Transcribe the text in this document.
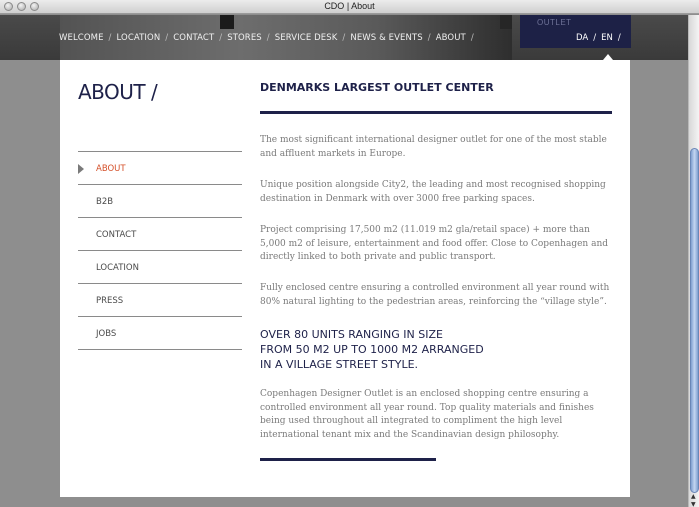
CDO | About
OUTLET
WELCOME / LOCATION / CONTACT / STORES / SERVICE DESK / NEWS & EVENTS / ABOUT /	DA / EN /
▲
▼
ABOUT /
ABOUT
B2B
CONTACT
LOCATION
PRESS
JOBS
DENMARKS LARGEST OUTLET CENTER

The most significant international designer outlet for one of the most stable and affluent markets in Europe.

Unique position alongside City2, the leading and most recognised shopping destination in Denmark with over 3000 free parking spaces.

Project comprising 17,500 m2 (11.019 m2 gla/retail space) + more than 5,000 m2 of leisure, entertainment and food offer. Close to Copenhagen and directly linked to both private and public transport.

Fully enclosed centre ensuring a controlled environment all year round with 80% natural lighting to the pedestrian areas, reinforcing the “village style”.

OVER 80 UNITS RANGING IN SIZE
FROM 50 M2 UP TO 1000 M2 ARRANGED
IN A VILLAGE STREET STYLE.

Copenhagen Designer Outlet is an enclosed shopping centre ensuring a controlled environment all year round. Top quality materials and finishes being used throughout all integrated to compliment the high level international tenant mix and the Scandinavian design philosophy.
